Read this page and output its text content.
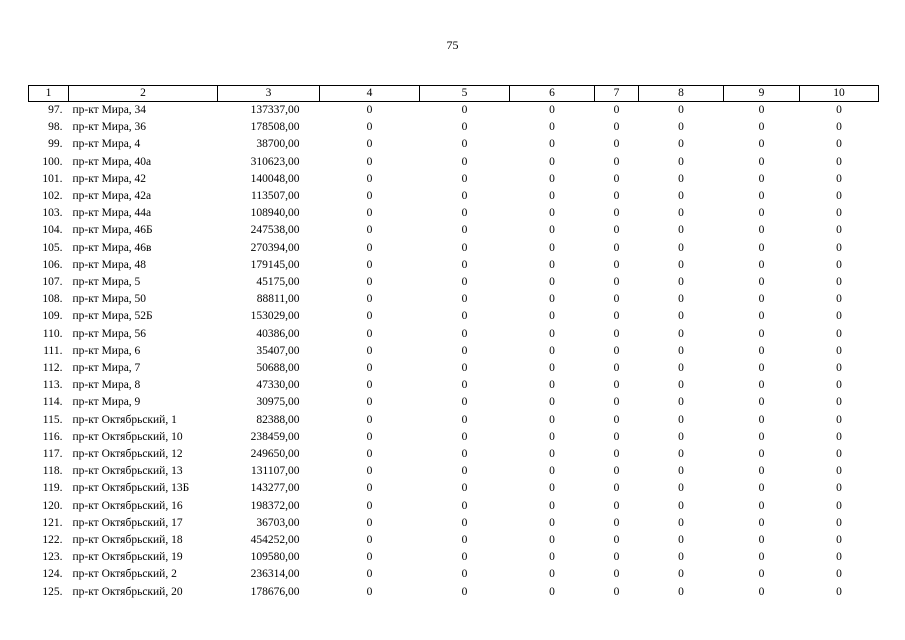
75
1	2	3	4	5	6	7	8	9	10
97.	пр-кт Мира, 34	137337,00	0	0	0	0	0	0	0
98.	пр-кт Мира, 36	178508,00	0	0	0	0	0	0	0
99.	пр-кт Мира, 4	38700,00	0	0	0	0	0	0	0
100.	пр-кт Мира, 40а	310623,00	0	0	0	0	0	0	0
101.	пр-кт Мира, 42	140048,00	0	0	0	0	0	0	0
102.	пр-кт Мира, 42а	113507,00	0	0	0	0	0	0	0
103.	пр-кт Мира, 44а	108940,00	0	0	0	0	0	0	0
104.	пр-кт Мира, 46Б	247538,00	0	0	0	0	0	0	0
105.	пр-кт Мира, 46в	270394,00	0	0	0	0	0	0	0
106.	пр-кт Мира, 48	179145,00	0	0	0	0	0	0	0
107.	пр-кт Мира, 5	45175,00	0	0	0	0	0	0	0
108.	пр-кт Мира, 50	88811,00	0	0	0	0	0	0	0
109.	пр-кт Мира, 52Б	153029,00	0	0	0	0	0	0	0
110.	пр-кт Мира, 56	40386,00	0	0	0	0	0	0	0
111.	пр-кт Мира, 6	35407,00	0	0	0	0	0	0	0
112.	пр-кт Мира, 7	50688,00	0	0	0	0	0	0	0
113.	пр-кт Мира, 8	47330,00	0	0	0	0	0	0	0
114.	пр-кт Мира, 9	30975,00	0	0	0	0	0	0	0
115.	пр-кт Октябрьский, 1	82388,00	0	0	0	0	0	0	0
116.	пр-кт Октябрьский, 10	238459,00	0	0	0	0	0	0	0
117.	пр-кт Октябрьский, 12	249650,00	0	0	0	0	0	0	0
118.	пр-кт Октябрьский, 13	131107,00	0	0	0	0	0	0	0
119.	пр-кт Октябрьский, 13Б	143277,00	0	0	0	0	0	0	0
120.	пр-кт Октябрьский, 16	198372,00	0	0	0	0	0	0	0
121.	пр-кт Октябрьский, 17	36703,00	0	0	0	0	0	0	0
122.	пр-кт Октябрьский, 18	454252,00	0	0	0	0	0	0	0
123.	пр-кт Октябрьский, 19	109580,00	0	0	0	0	0	0	0
124.	пр-кт Октябрьский, 2	236314,00	0	0	0	0	0	0	0
125.	пр-кт Октябрьский, 20	178676,00	0	0	0	0	0	0	0
